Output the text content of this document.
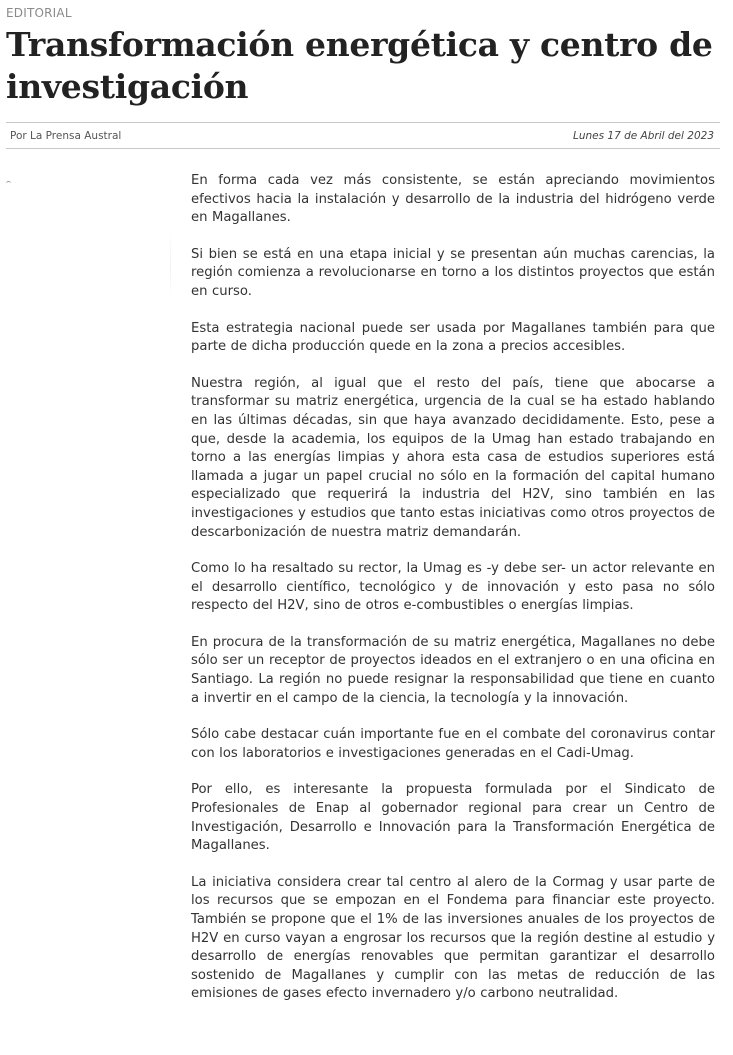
EDITORIAL
Transformación energética y centro de investigación
Por La Prensa Austral	Lunes 17 de Abril del 2023

En forma cada vez más consistente, se están apreciando movimientos efectivos hacia la instalación y desarrollo de la industria del hidrógeno verde en Magallanes.

Si bien se está en una etapa inicial y se presentan aún muchas carencias, la región comienza a revolucionarse en torno a los distintos proyectos que están en curso.

Esta estrategia nacional puede ser usada por Magallanes también para que parte de dicha producción quede en la zona a precios accesibles.

Nuestra región, al igual que el resto del país, tiene que abocarse a transformar su matriz energética, urgencia de la cual se ha estado hablando en las últimas décadas, sin que haya avanzado decididamente. Esto, pese a que, desde la academia, los equipos de la Umag han estado trabajando en torno a las energías limpias y ahora esta casa de estudios superiores está llamada a jugar un papel crucial no sólo en la formación del capital humano especializado que requerirá la industria del H2V, sino también en las investigaciones y estudios que tanto estas iniciativas como otros proyectos de descarbonización de nuestra matriz demandarán.

Como lo ha resaltado su rector, la Umag es -y debe ser- un actor relevante en el desarrollo científico, tecnológico y de innovación y esto pasa no sólo respecto del H2V, sino de otros e-combustibles o energías limpias.

En procura de la transformación de su matriz energética, Magallanes no debe sólo ser un receptor de proyectos ideados en el extranjero o en una oficina en Santiago. La región no puede resignar la responsabilidad que tiene en cuanto a invertir en el campo de la ciencia, la tecnología y la innovación.

Sólo cabe destacar cuán importante fue en el combate del coronavirus contar con los laboratorios e investigaciones generadas en el Cadi-Umag.

Por ello, es interesante la propuesta formulada por el Sindicato de Profesionales de Enap al gobernador regional para crear un Centro de Investigación, Desarrollo e Innovación para la Transformación Energética de Magallanes.

La iniciativa considera crear tal centro al alero de la Cormag y usar parte de los recursos que se empozan en el Fondema para financiar este proyecto. También se propone que el 1% de las inversiones anuales de los proyectos de H2V en curso vayan a engrosar los recursos que la región destine al estudio y desarrollo de energías renovables que permitan garantizar el desarrollo sostenido de Magallanes y cumplir con las metas de reducción de las emisiones de gases efecto invernadero y/o carbono neutralidad.
